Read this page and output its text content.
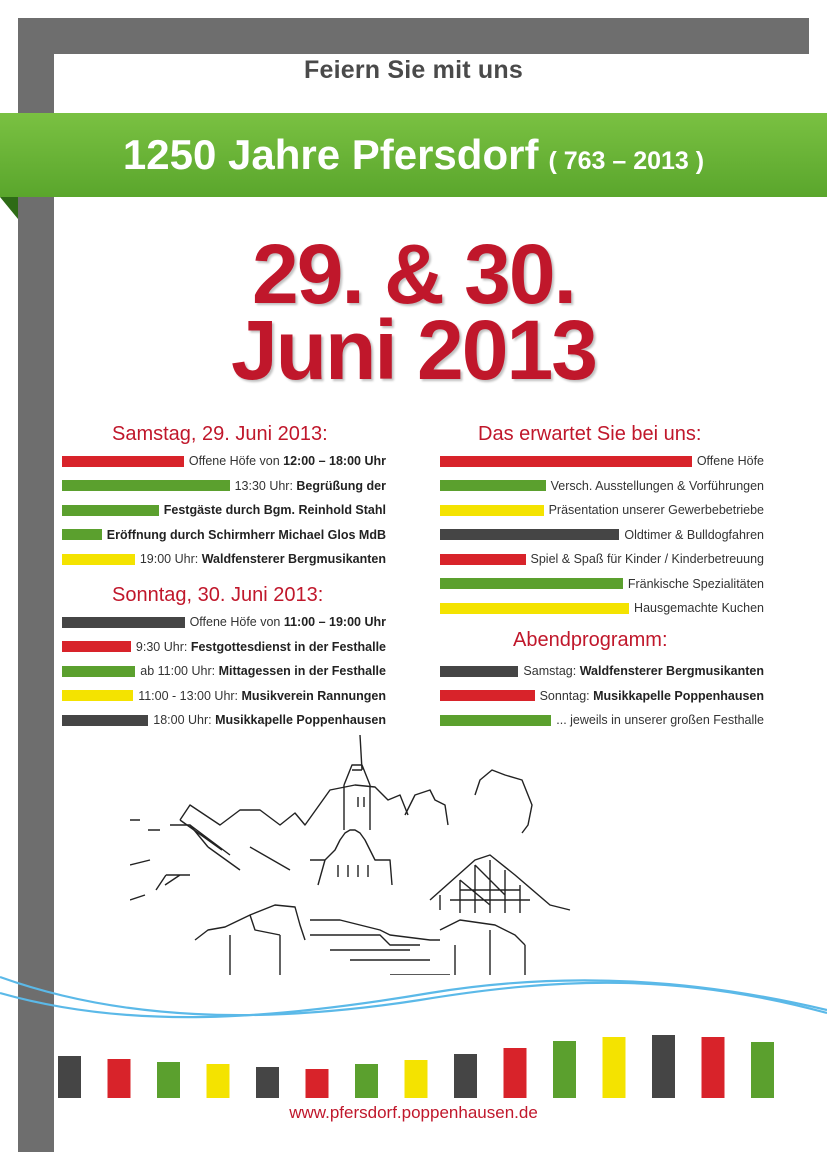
Feiern Sie mit uns
1250 Jahre Pfersdorf ( 763 – 2013 )
29. & 30.
Juni 2013
Samstag, 29. Juni 2013:
Offene Höfe von 12:00 – 18:00 Uhr
13:30 Uhr: Begrüßung der
Festgäste durch Bgm. Reinhold Stahl
Eröffnung durch Schirmherr Michael Glos MdB
19:00 Uhr: Waldfensterer Bergmusikanten
Sonntag, 30. Juni 2013:
Offene Höfe von 11:00 – 19:00 Uhr
9:30 Uhr: Festgottesdienst in der Festhalle
ab 11:00 Uhr: Mittagessen in der Festhalle
11:00 - 13:00 Uhr: Musikverein Rannungen
18:00 Uhr: Musikkapelle Poppenhausen
Das erwartet Sie bei uns:
Offene Höfe
Versch. Ausstellungen & Vorführungen
Präsentation unserer Gewerbebetriebe
Oldtimer & Bulldogfahren
Spiel & Spaß für Kinder / Kinderbetreuung
Fränkische Spezialitäten
Hausgemachte Kuchen
Abendprogramm:
Samstag: Waldfensterer Bergmusikanten
Sonntag: Musikkapelle Poppenhausen
... jeweils in unserer großen Festhalle
www.pfersdorf.poppenhausen.de
